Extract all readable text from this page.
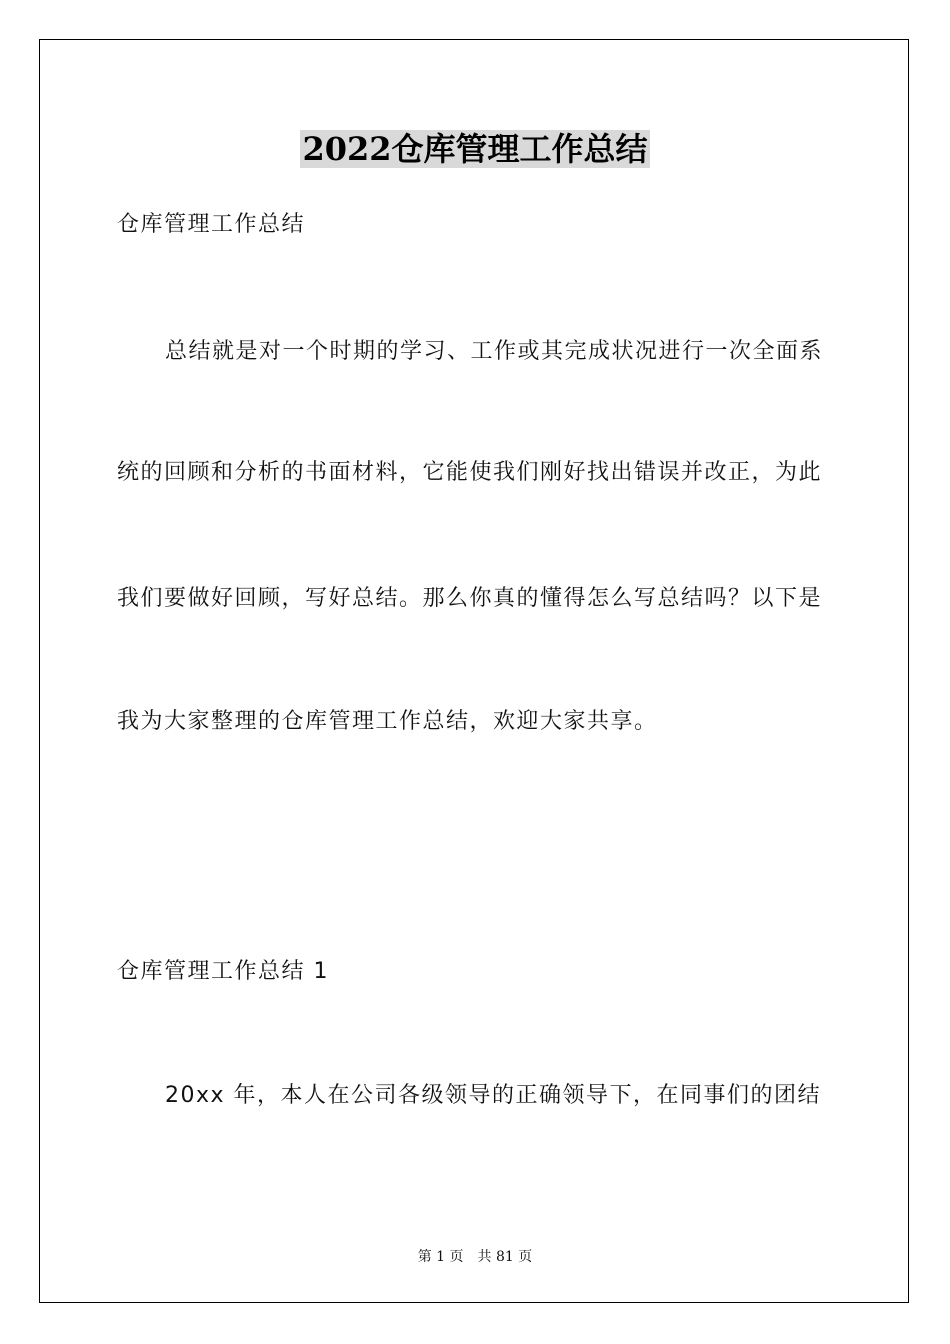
2022仓库管理工作总结
仓库管理工作总结
总结就是对一个时期的学习、工作或其完成状况进行一次全面系
统的回顾和分析的书面材料，它能使我们刚好找出错误并改正，为此
我们要做好回顾，写好总结。那么你真的懂得怎么写总结吗？以下是
我为大家整理的仓库管理工作总结，欢迎大家共享。
仓库管理工作总结 1
20xx 年，本人在公司各级领导的正确领导下，在同事们的团结
第 1 页　共 81 页
